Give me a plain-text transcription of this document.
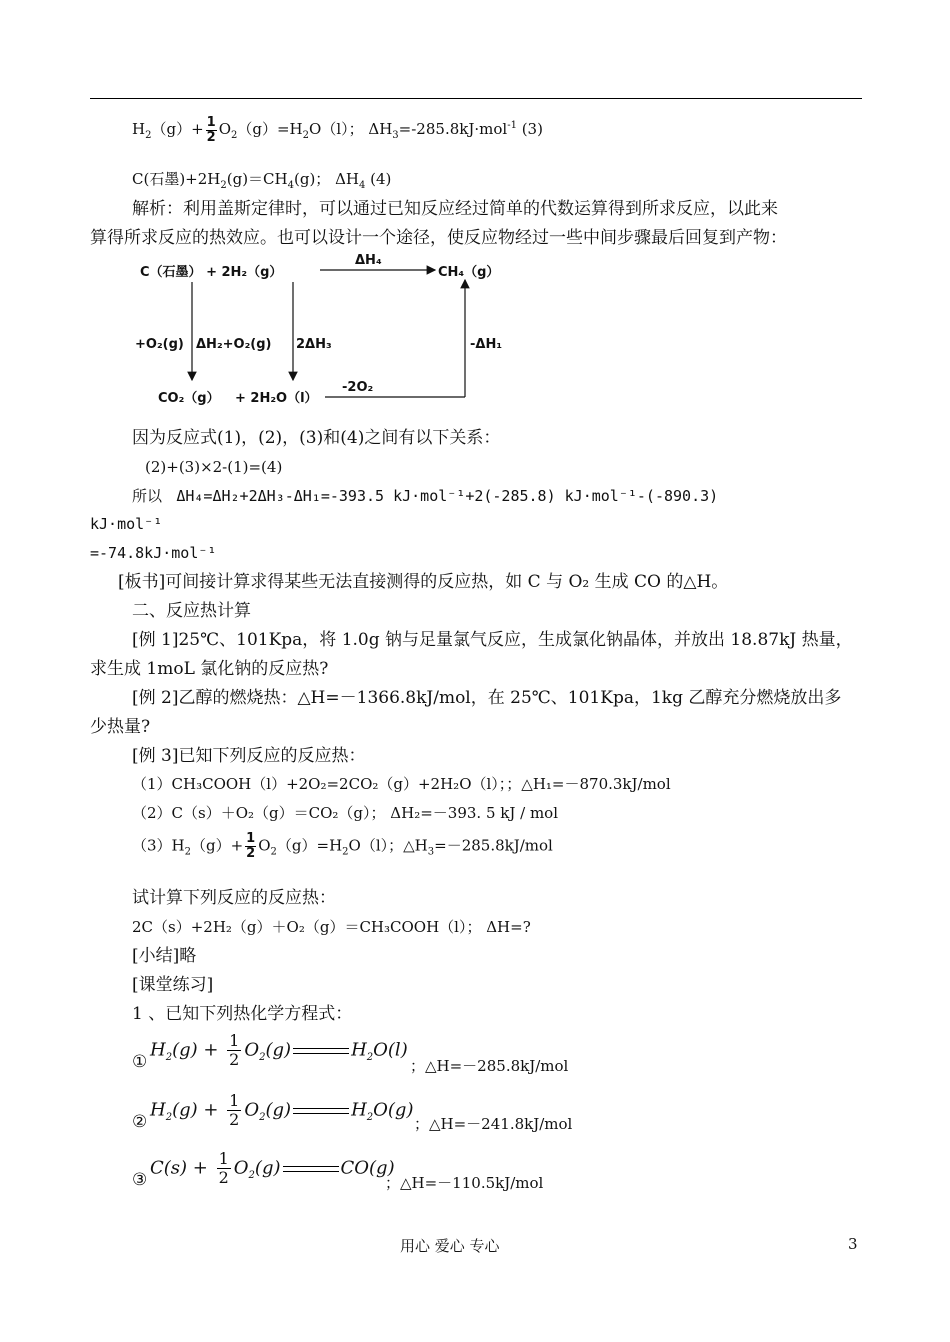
$H_2(g)+ \frac{1}{2} O_2(g)=H_2O(l)$； $\Delta H_3=-285.8kJ\cdot mol^{-1}$ (3)
C(石墨)$+2H_2(g)=CH_4(g)$； $\Delta H_4$ (4)
解析：利用盖斯定律时，可以通过已知反应经过简单的代数运算得到所求反应，以此来
算得所求反应的热效应。也可以设计一个途径，使反应物经过一些中间步骤最后回复到产物：
C（石墨） + 2H₂（g）
ΔH₄
CH₄（g）
+O₂(g) ΔH₂+O₂(g) 2ΔH₃	-ΔH₁
CO₂（g） + 2H₂O（l）
-2O₂
因为反应式(1)，(2)，(3)和(4)之间有以下关系：
(2)+(3)×2-(1)=(4)
所以 ΔH₄=ΔH₂+2ΔH₃-ΔH₁=-393.5 kJ·mol⁻¹+2(-285.8) kJ·mol⁻¹-(-890.3)
kJ·mol⁻¹
=-74.8kJ·mol⁻¹
[板书]可间接计算求得某些无法直接测得的反应热，如 C 与 O₂ 生成 CO 的△H。
二、反应热计算
[例 1]25℃、101Kpa，将 1.0g 钠与足量氯气反应，生成氯化钠晶体，并放出 18.87kJ 热量，
求生成 1moL 氯化钠的反应热?
[例 2]乙醇的燃烧热：△H=－1366.8kJ/mol，在 25℃、101Kpa，1kg 乙醇充分燃烧放出多
少热量?
[例 3]已知下列反应的反应热：
（1）CH₃COOH（l）+2O₂=2CO₂（g）+2H₂O（l）；；△H₁=－870.3kJ/mol
（2）C（s）＋O₂（g）＝CO₂（g）； ΔH₂=－393. 5 kJ / mol
$(3)H_2(g)+ \frac{1}{2} O_2(g)=H_2O(l)$；$\triangle H_3=-285.8kJ$/mol
试计算下列反应的反应热：
2C（s）+2H₂（g）＋O₂（g）＝CH₃COOH（l）； ΔH=?
[小结]略
[课堂练习]
1 、已知下列热化学方程式：
①
$H_2(g) + \frac{1}{2} O_2(g)$	$H_2O(l)$
；△H=－285.8kJ/mol
②
$H_2(g) + \frac{1}{2} O_2(g)$	$H_2O(g)$
；△H=－241.8kJ/mol
③
$C(s) + \frac{1}{2} O_2(g)$	CO(g)
；△H=－110.5kJ/mol
用心 爱心 专心	3
